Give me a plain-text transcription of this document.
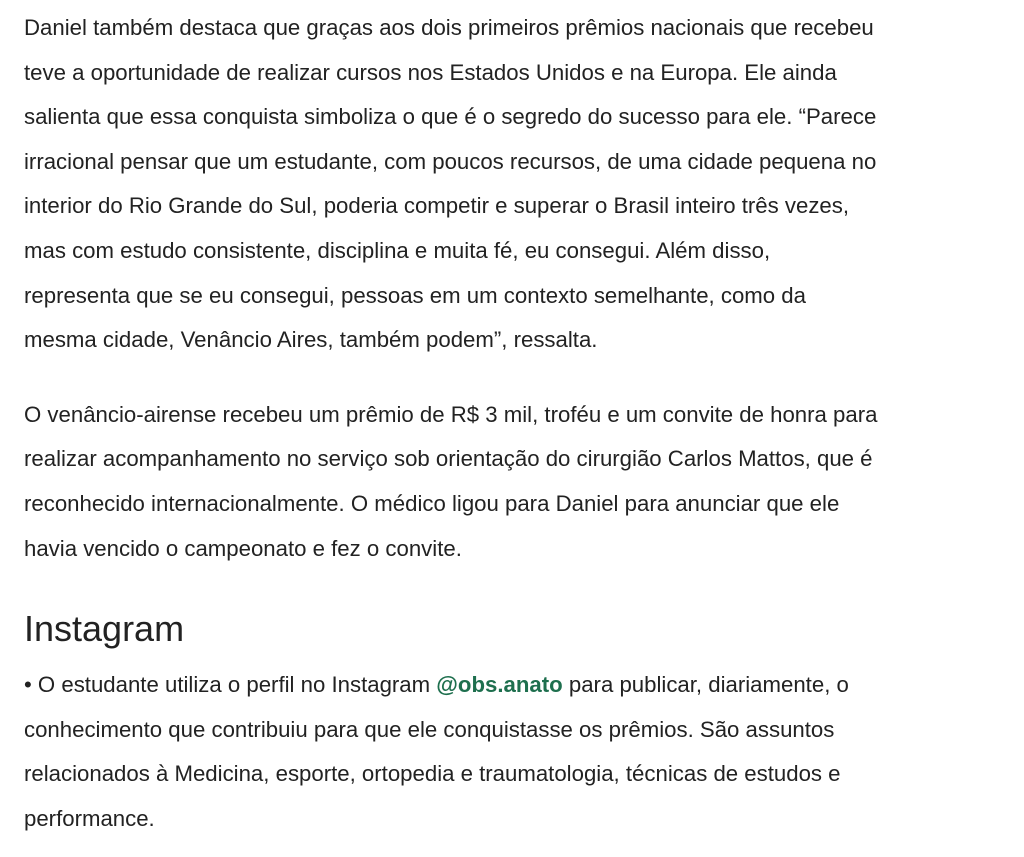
Daniel também destaca que graças aos dois primeiros prêmios nacionais que recebeu
teve a oportunidade de realizar cursos nos Estados Unidos e na Europa. Ele ainda
salienta que essa conquista simboliza o que é o segredo do sucesso para ele. “Parece
irracional pensar que um estudante, com poucos recursos, de uma cidade pequena no
interior do Rio Grande do Sul, poderia competir e superar o Brasil inteiro três vezes,
mas com estudo consistente, disciplina e muita fé, eu consegui. Além disso,
representa que se eu consegui, pessoas em um contexto semelhante, como da
mesma cidade, Venâncio Aires, também podem”, ressalta.

O venâncio-airense recebeu um prêmio de R$ 3 mil, troféu e um convite de honra para
realizar acompanhamento no serviço sob orientação do cirurgião Carlos Mattos, que é
reconhecido internacionalmente. O médico ligou para Daniel para anunciar que ele
havia vencido o campeonato e fez o convite.

Instagram

• O estudante utiliza o perfil no Instagram @obs.anato para publicar, diariamente, o
conhecimento que contribuiu para que ele conquistasse os prêmios. São assuntos
relacionados à Medicina, esporte, ortopedia e traumatologia, técnicas de estudos e
performance.
